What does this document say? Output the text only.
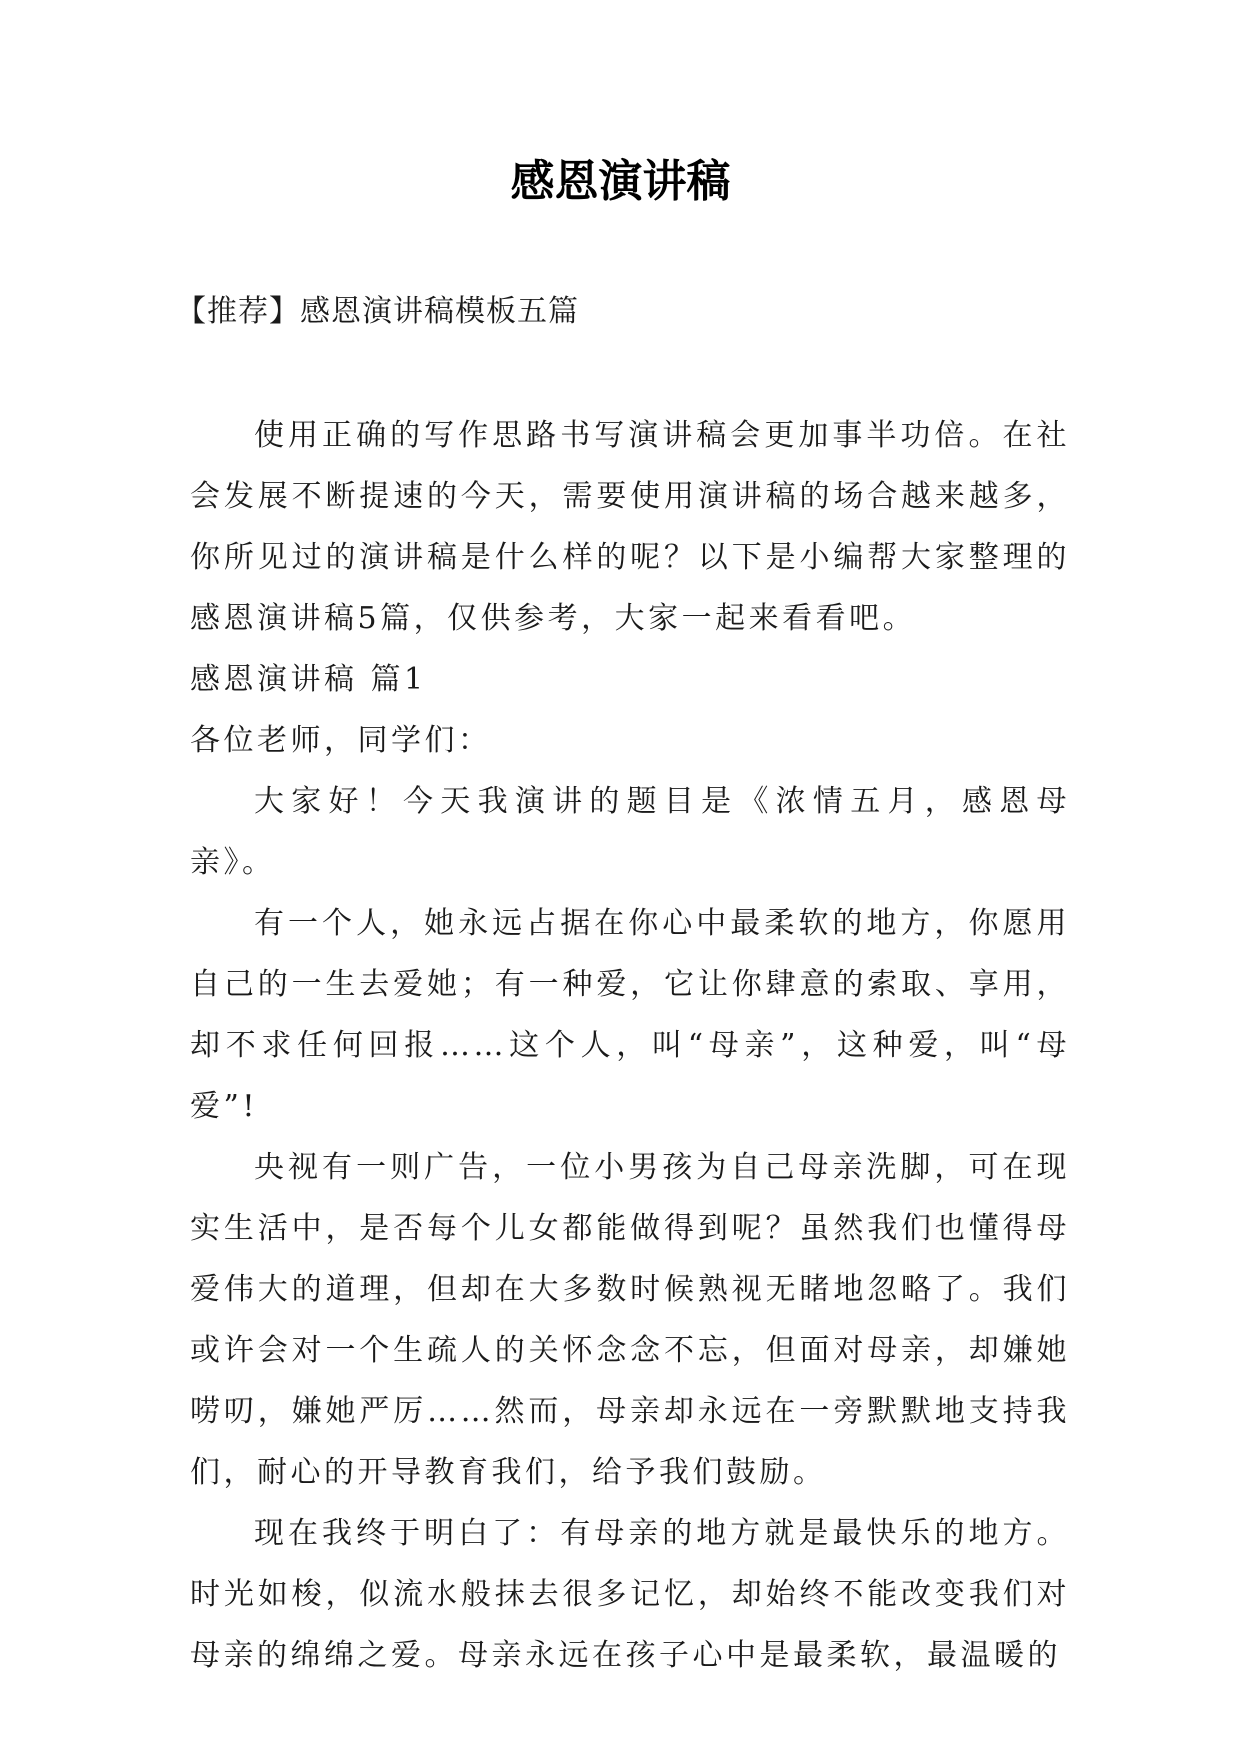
感恩演讲稿

【推荐】感恩演讲稿模板五篇

使用正确的写作思路书写演讲稿会更加事半功倍。在社会发展不断提速的今天，需要使用演讲稿的场合越来越多，你所见过的演讲稿是什么样的呢？以下是小编帮大家整理的感恩演讲稿5篇，仅供参考，大家一起来看看吧。

感恩演讲稿 篇1

各位老师，同学们：

大家好！今天我演讲的题目是《浓情五月，感恩母亲》。

有一个人，她永远占据在你心中最柔软的地方，你愿用自己的一生去爱她；有一种爱，它让你肆意的索取、享用，却不求任何回报……这个人，叫“母亲”，这种爱，叫“母爱”!

央视有一则广告，一位小男孩为自己母亲洗脚，可在现实生活中，是否每个儿女都能做得到呢？虽然我们也懂得母爱伟大的道理，但却在大多数时候熟视无睹地忽略了。我们或许会对一个生疏人的关怀念念不忘，但面对母亲，却嫌她唠叨，嫌她严厉……然而，母亲却永远在一旁默默地支持我们，耐心的开导教育我们，给予我们鼓励。

现在我终于明白了：有母亲的地方就是最快乐的地方。时光如梭，似流水般抹去很多记忆，却始终不能改变我们对母亲的绵绵之爱。母亲永远在孩子心中是最柔软，最温暖的
